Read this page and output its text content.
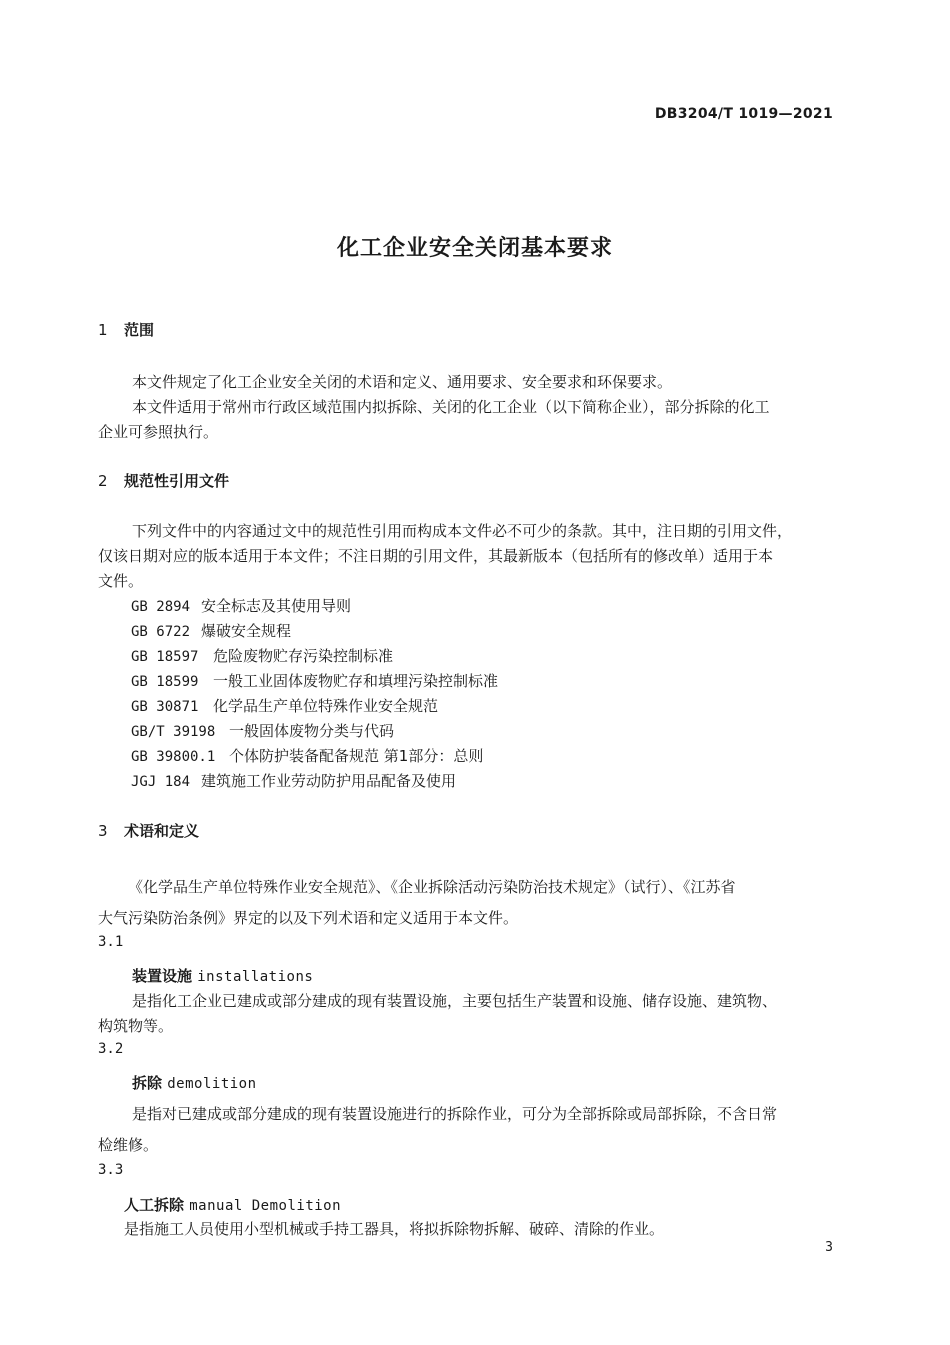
DB3204/T 1019—2021
化工企业安全关闭基本要求
1 范围
本文件规定了化工企业安全关闭的术语和定义、通用要求、安全要求和环保要求。
本文件适用于常州市行政区域范围内拟拆除、关闭的化工企业（以下简称企业），部分拆除的化工
企业可参照执行。
2 规范性引用文件
下列文件中的内容通过文中的规范性引用而构成本文件必不可少的条款。其中，注日期的引用文件，
仅该日期对应的版本适用于本文件；不注日期的引用文件，其最新版本（包括所有的修改单）适用于本
文件。
GB 2894 安全标志及其使用导则
GB 6722 爆破安全规程
GB 18597 危险废物贮存污染控制标准
GB 18599 一般工业固体废物贮存和填埋污染控制标准
GB 30871 化学品生产单位特殊作业安全规范
GB/T 39198 一般固体废物分类与代码
GB 39800.1 个体防护装备配备规范 第1部分：总则
JGJ 184 建筑施工作业劳动防护用品配备及使用
3 术语和定义
《化学品生产单位特殊作业安全规范》、《企业拆除活动污染防治技术规定》（试行）、《江苏省
大气污染防治条例》界定的以及下列术语和定义适用于本文件。
3.1
装置设施 installations
是指化工企业已建成或部分建成的现有装置设施，主要包括生产装置和设施、储存设施、建筑物、
构筑物等。
3.2
拆除 demolition
是指对已建成或部分建成的现有装置设施进行的拆除作业，可分为全部拆除或局部拆除，不含日常
检维修。
3.3
人工拆除 manual Demolition
是指施工人员使用小型机械或手持工器具，将拟拆除物拆解、破碎、清除的作业。
3
